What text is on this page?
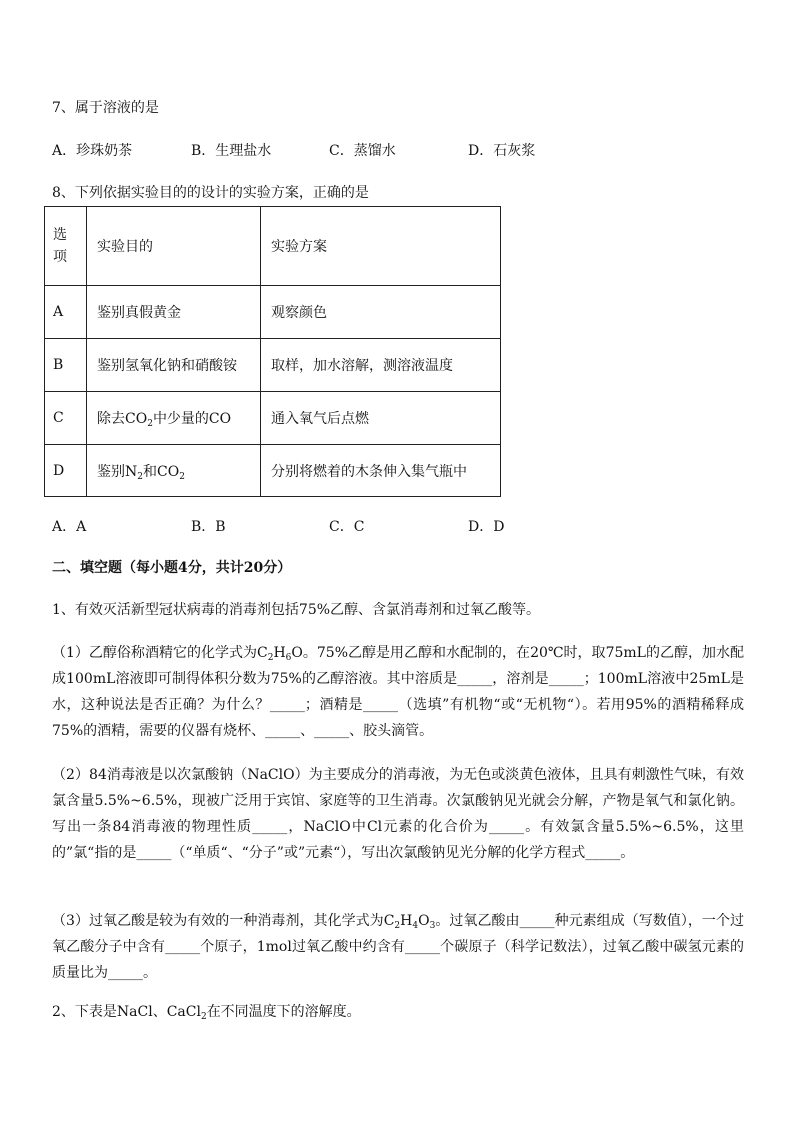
7、属于溶液的是
A．珍珠奶茶	B．生理盐水	C．蒸馏水	D．石灰浆
8、下列依据实验目的的设计的实验方案，正确的是
选
项	实验目的	实验方案
A	鉴别真假黄金	观察颜色
B	鉴别氢氧化钠和硝酸铵	取样，加水溶解，测溶液温度
C	除去$CO_2$中少量的CO	通入氧气后点燃
D	鉴别$N_2$和$CO_2$	分别将燃着的木条伸入集气瓶中
A．A	B．B	C．C	D．D
二、填空题（每小题4分，共计20分）
1、有效灭活新型冠状病毒的消毒剂包括75%乙醇、含氯消毒剂和过氧乙酸等。
（1）乙醇俗称酒精它的化学式为$C_2H_6O$。75%乙醇是用乙醇和水配制的，在20℃时，取75mL的乙醇，加水配成100mL溶液即可制得体积分数为75%的乙醇溶液。其中溶质是_____，溶剂是_____；100mL溶液中25mL是水，这种说法是否正确？为什么？_____；酒精是_____（选填”有机物“或“无机物“）。若用95%的酒精稀释成75%的酒精，需要的仪器有烧杯、_____、_____、胶头滴管。
（2）84消毒液是以次氯酸钠（NaClO）为主要成分的消毒液，为无色或淡黄色液体，且具有刺激性气味，有效氯含量5.5%~6.5%，现被广泛用于宾馆、家庭等的卫生消毒。次氯酸钠见光就会分解，产物是氧气和氯化钠。写出一条84消毒液的物理性质_____，NaClO中Cl元素的化合价为_____。有效氯含量5.5%~6.5%，这里的”氯“指的是_____（“单质“、“分子”或”元素“），写出次氯酸钠见光分解的化学方程式_____。
（3）过氧乙酸是较为有效的一种消毒剂，其化学式为$C_2H_4O_3$。过氧乙酸由_____种元素组成（写数值），一个过氧乙酸分子中含有_____个原子，1mol过氧乙酸中约含有_____个碳原子（科学记数法），过氧乙酸中碳氢元素的质量比为_____。
2、下表是NaCl、CaCl$_2$在不同温度下的溶解度。
